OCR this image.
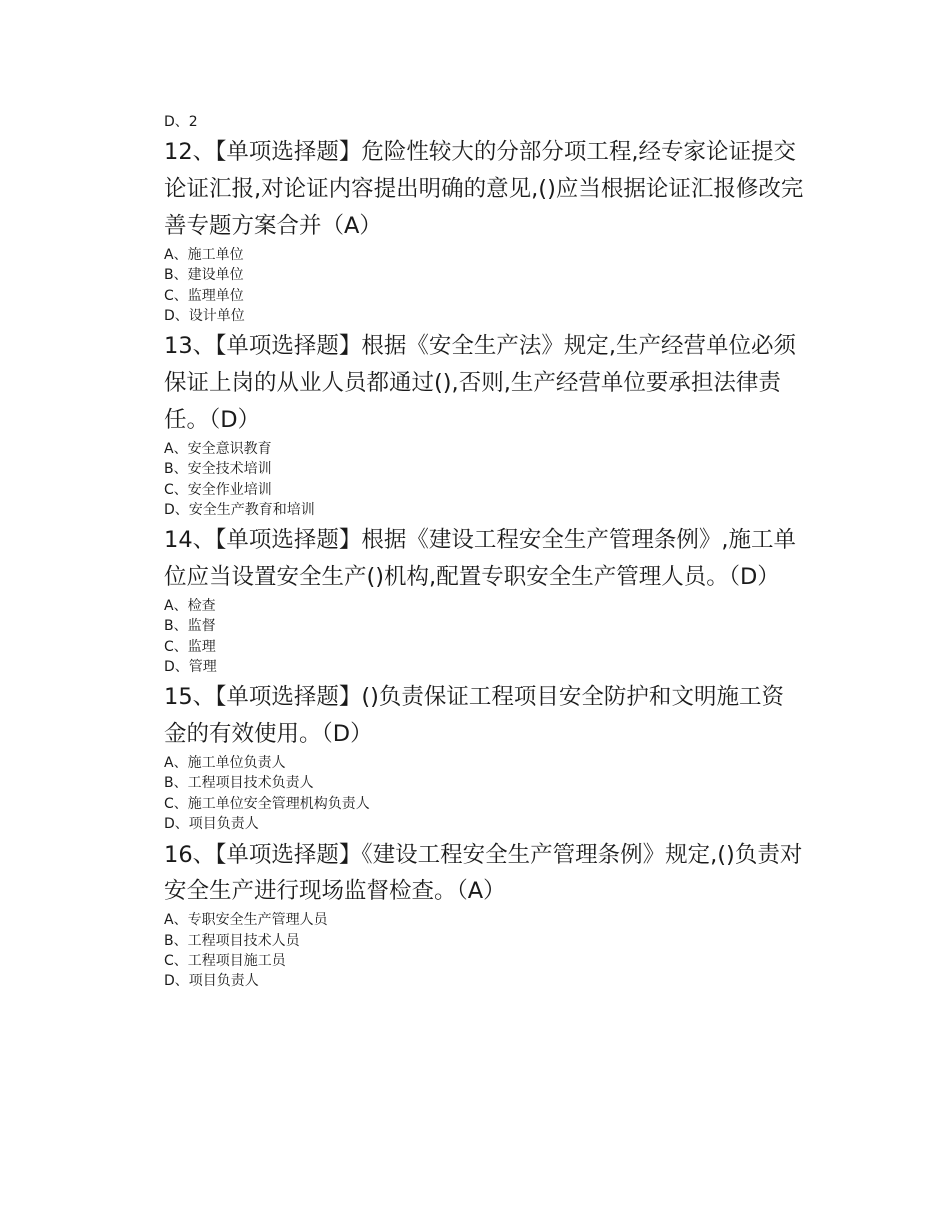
D、2

12、【单项选择题】危险性较大的分部分项工程,经专家论证提交论证汇报,对论证内容提出明确的意见,()应当根据论证汇报修改完善专题方案合并（A）

A、施工单位

B、建设单位

C、监理单位

D、设计单位

13、【单项选择题】根据《安全生产法》规定,生产经营单位必须保证上岗的从业人员都通过(),否则,生产经营单位要承担法律责任。（D）

A、安全意识教育

B、安全技术培训

C、安全作业培训

D、安全生产教育和培训

14、【单项选择题】根据《建设工程安全生产管理条例》,施工单位应当设置安全生产()机构,配置专职安全生产管理人员。（D）

A、检查

B、监督

C、监理

D、管理

15、【单项选择题】()负责保证工程项目安全防护和文明施工资金的有效使用。（D）

A、施工单位负责人

B、工程项目技术负责人

C、施工单位安全管理机构负责人

D、项目负责人

16、【单项选择题】《建设工程安全生产管理条例》规定,()负责对安全生产进行现场监督检查。（A）

A、专职安全生产管理人员

B、工程项目技术人员

C、工程项目施工员

D、项目负责人
